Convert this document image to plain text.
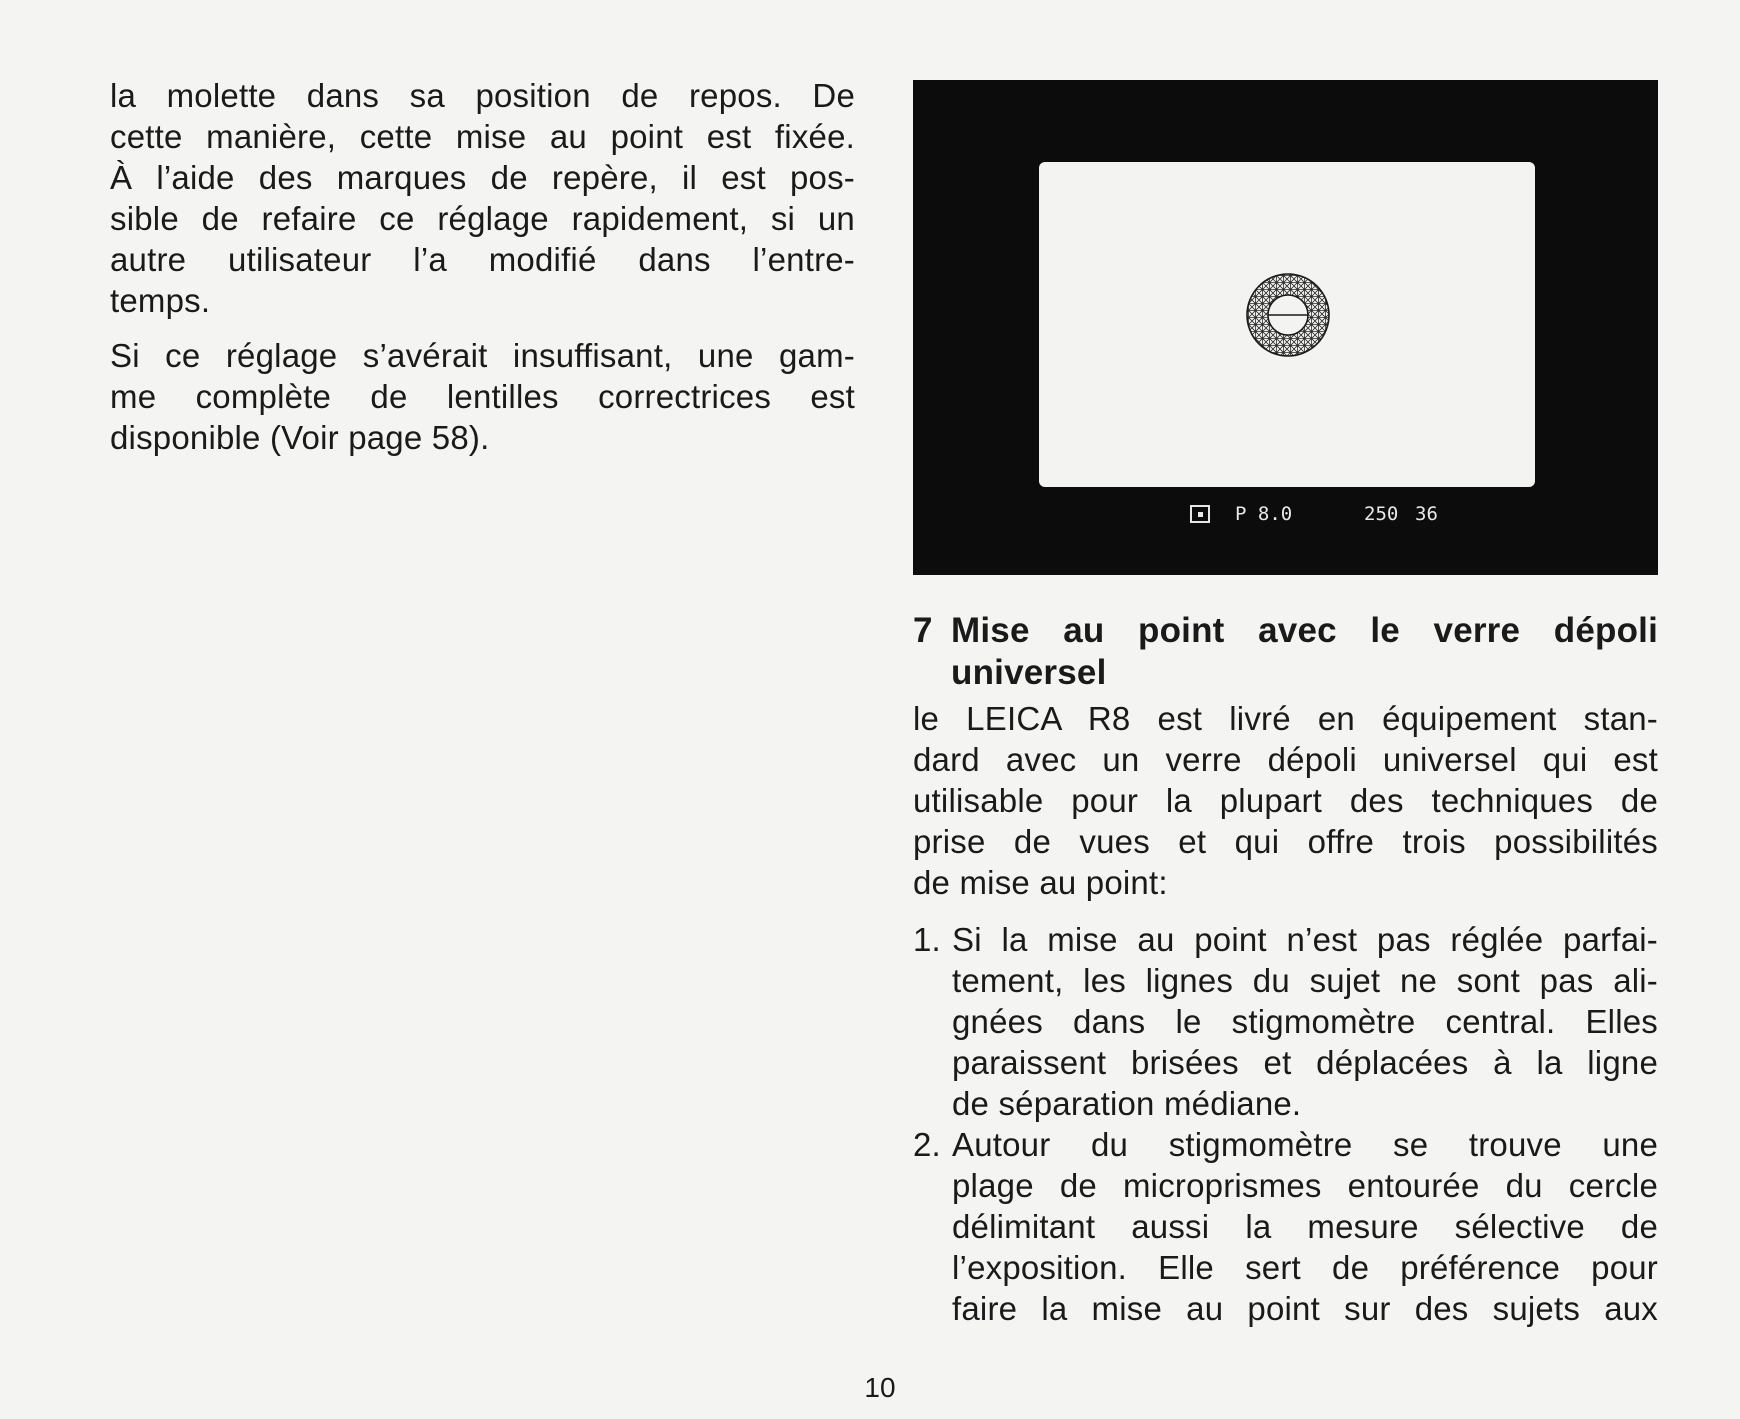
la molette dans sa position de repos. De
cette manière, cette mise au point est fixée.
À l’aide des marques de repère, il est pos-
sible de refaire ce réglage rapidement, si un
autre utilisateur l’a modifié dans l’entre-
temps.

Si ce réglage s’avérait insuffisant, une gam-
me complète de lentilles correctrices est
disponible (Voir page 58).

P 8.0	250 36
7 Mise au point avec le verre dépoli universel

le LEICA R8 est livré en équipement stan-
dard avec un verre dépoli universel qui est
utilisable pour la plupart des techniques de
prise de vues et qui offre trois possibilités
de mise au point:

1. Si la mise au point n’est pas réglée parfai-
tement, les lignes du sujet ne sont pas ali-
gnées dans le stigmomètre central. Elles
paraissent brisées et déplacées à la ligne
de séparation médiane.
2. Autour du stigmomètre se trouve une
plage de microprismes entourée du cercle
délimitant aussi la mesure sélective de
l’exposition. Elle sert de préférence pour
faire la mise au point sur des sujets aux
10
